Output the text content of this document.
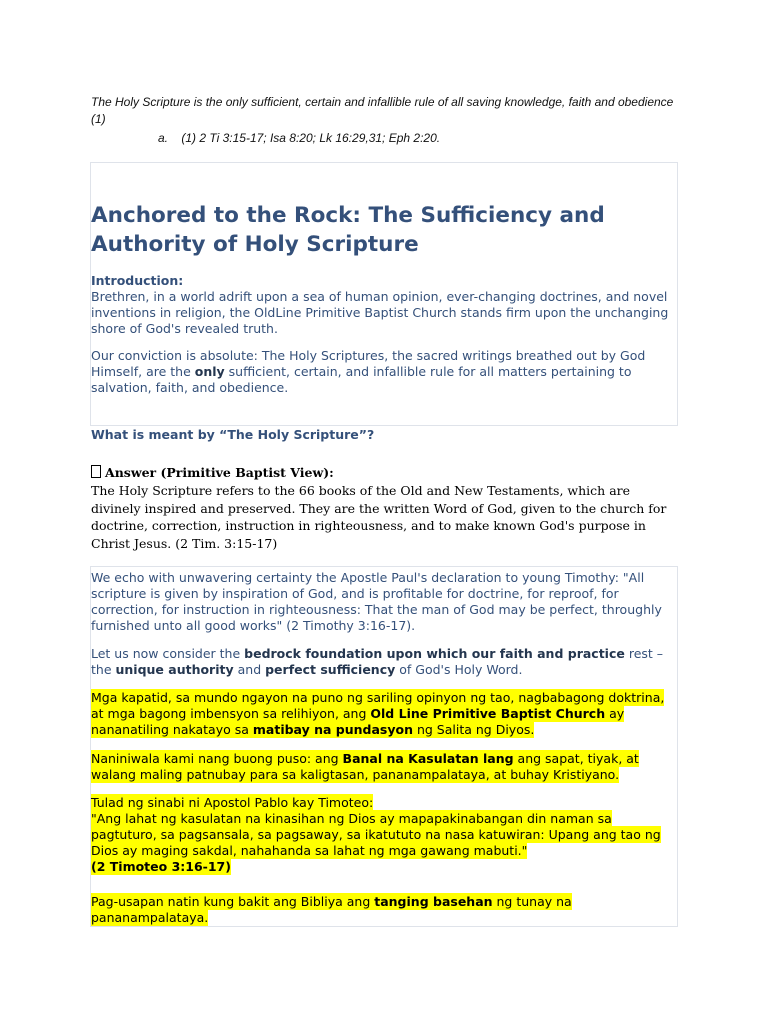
The Holy Scripture is the only sufficient, certain and infallible rule of all saving knowledge, faith and obedience (1)
a. (1) 2 Ti 3:15-17; Isa 8:20; Lk 16:29,31; Eph 2:20.
Anchored to the Rock: The Sufficiency and Authority of Holy Scripture
Introduction:
Brethren, in a world adrift upon a sea of human opinion, ever-changing doctrines, and novel inventions in religion, the OldLine Primitive Baptist Church stands firm upon the unchanging shore of God's revealed truth.
Our conviction is absolute: The Holy Scriptures, the sacred writings breathed out by God Himself, are the only sufficient, certain, and infallible rule for all matters pertaining to salvation, faith, and obedience.
What is meant by “The Holy Scripture”?
Answer (Primitive Baptist View):
The Holy Scripture refers to the 66 books of the Old and New Testaments, which are divinely inspired and preserved. They are the written Word of God, given to the church for doctrine, correction, instruction in righteousness, and to make known God's purpose in Christ Jesus. (2 Tim. 3:15-17)
We echo with unwavering certainty the Apostle Paul's declaration to young Timothy: "All scripture is given by inspiration of God, and is profitable for doctrine, for reproof, for correction, for instruction in righteousness: That the man of God may be perfect, throughly furnished unto all good works" (2 Timothy 3:16-17).
Let us now consider the bedrock foundation upon which our faith and practice rest – the unique authority and perfect sufficiency of God's Holy Word.
Mga kapatid, sa mundo ngayon na puno ng sariling opinyon ng tao, nagbabagong doktrina, at mga bagong imbensyon sa relihiyon, ang Old Line Primitive Baptist Church ay nananatiling nakatayo sa matibay na pundasyon ng Salita ng Diyos.
Naniniwala kami nang buong puso: ang Banal na Kasulatan lang ang sapat, tiyak, at walang maling patnubay para sa kaligtasan, pananampalataya, at buhay Kristiyano.
Tulad ng sinabi ni Apostol Pablo kay Timoteo:
"Ang lahat ng kasulatan na kinasihan ng Dios ay mapapakinabangan din naman sa pagtuturo, sa pagsansala, sa pagsaway, sa ikatututo na nasa katuwiran: Upang ang tao ng Dios ay maging sakdal, nahahanda sa lahat ng mga gawang mabuti."
(2 Timoteo 3:16-17)
Pag-usapan natin kung bakit ang Bibliya ang tanging basehan ng tunay na pananampalataya.
